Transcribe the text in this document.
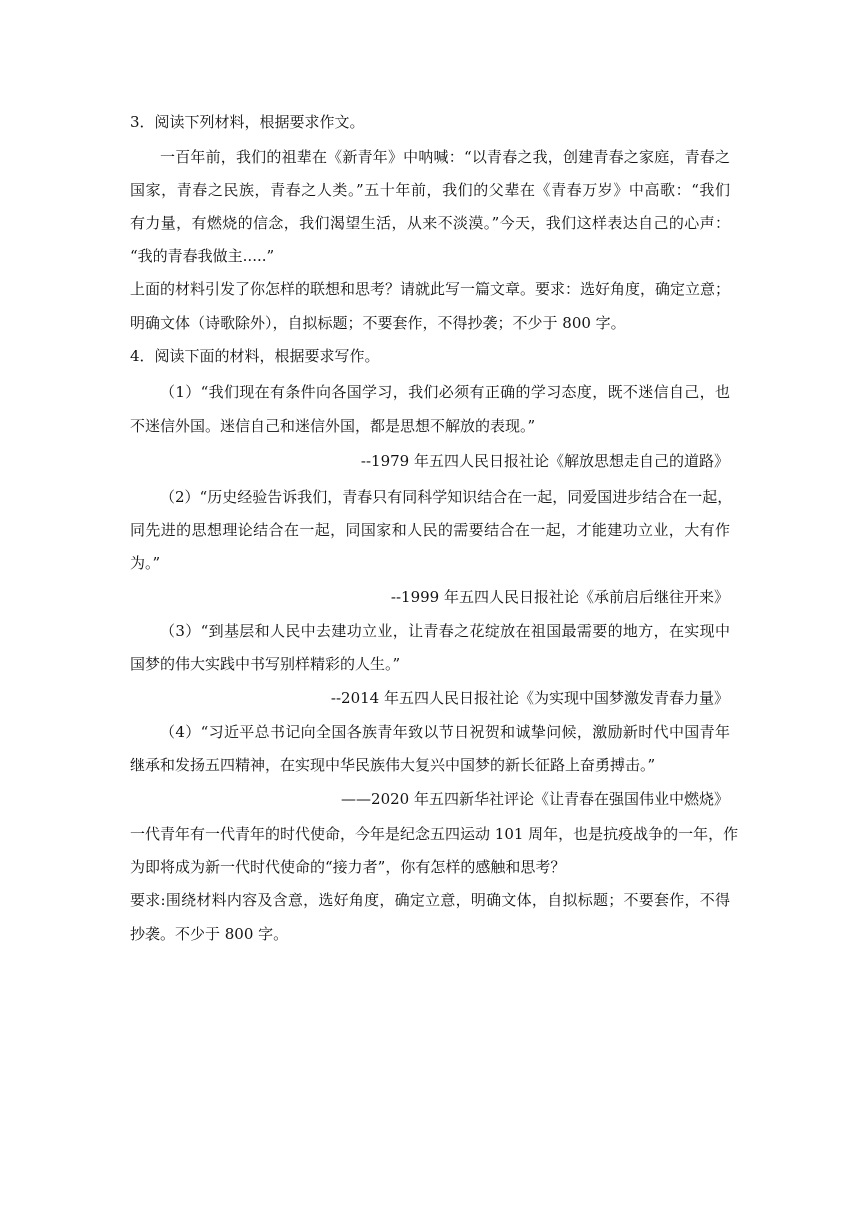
3．阅读下列材料，根据要求作文。
一百年前，我们的祖辈在《新青年》中呐喊：“以青春之我，创建青春之家庭，青春之
国家，青春之民族，青春之人类。”五十年前，我们的父辈在《青春万岁》中高歌：“我们
有力量，有燃烧的信念，我们渴望生活，从来不淡漠。”今天，我们这样表达自己的心声：
“我的青春我做主.....”
上面的材料引发了你怎样的联想和思考？请就此写一篇文章。要求：选好角度，确定立意；
明确文体（诗歌除外），自拟标题；不要套作，不得抄袭；不少于 800 字。
4．阅读下面的材料，根据要求写作。
（1）“我们现在有条件向各国学习，我们必须有正确的学习态度，既不迷信自己，也
不迷信外国。迷信自己和迷信外国，都是思想不解放的表现。”
--1979 年五四人民日报社论《解放思想走自己的道路》
（2）“历史经验告诉我们，青春只有同科学知识结合在一起，同爱国进步结合在一起，
同先进的思想理论结合在一起，同国家和人民的需要结合在一起，才能建功立业，大有作
为。”
--1999 年五四人民日报社论《承前启后继往开来》
（3）“到基层和人民中去建功立业，让青春之花绽放在祖国最需要的地方，在实现中
国梦的伟大实践中书写别样精彩的人生。”
--2014 年五四人民日报社论《为实现中国梦激发青春力量》
（4）“习近平总书记向全国各族青年致以节日祝贺和诚挚问候，激励新时代中国青年
继承和发扬五四精神，在实现中华民族伟大复兴中国梦的新长征路上奋勇搏击。”
——2020 年五四新华社评论《让青春在强国伟业中燃烧》
一代青年有一代青年的时代使命，今年是纪念五四运动 101 周年，也是抗疫战争的一年，作
为即将成为新一代时代使命的“接力者”，你有怎样的感触和思考？
要求:围绕材料内容及含意，选好角度，确定立意，明确文体，自拟标题；不要套作，不得
抄袭。不少于 800 字。
